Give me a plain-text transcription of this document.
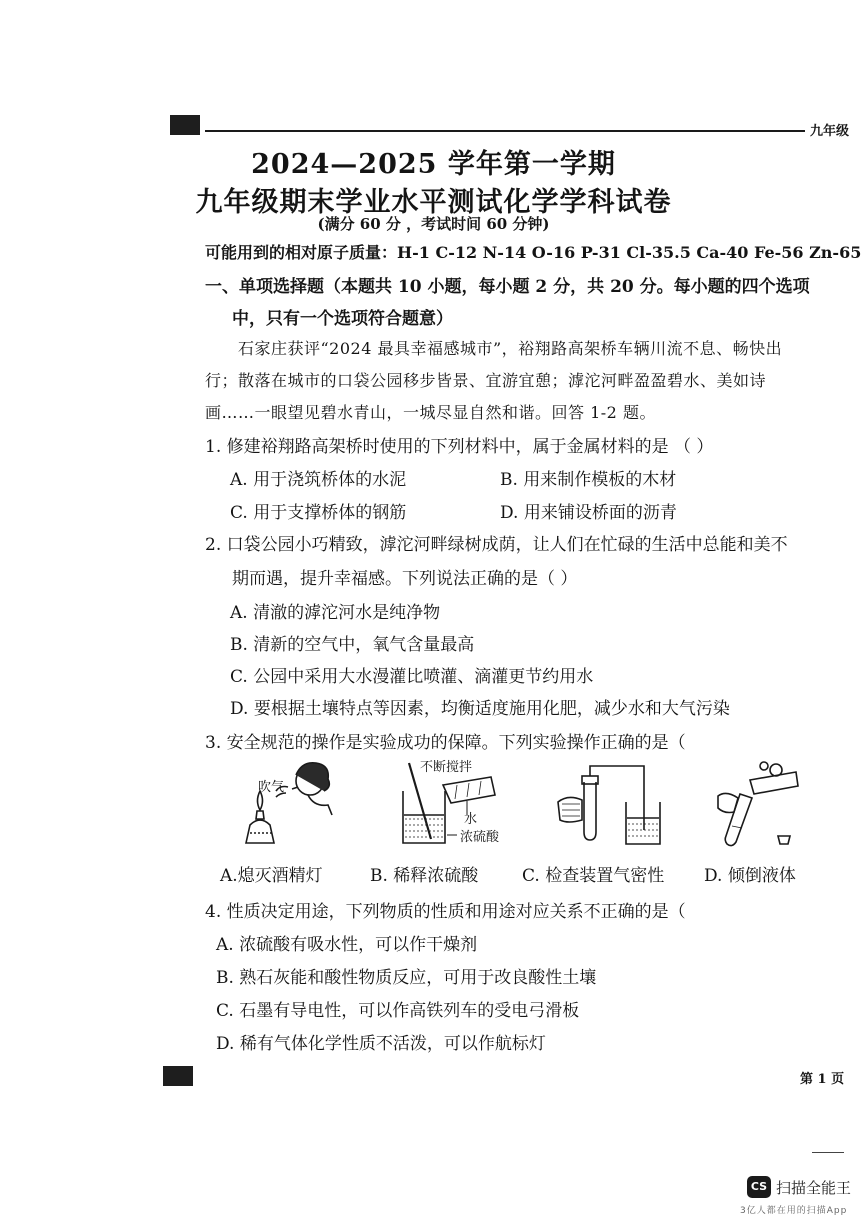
九年级
2024—2025 学年第一学期
九年级期末学业水平测试化学学科试卷
(满分 60 分 ，考试时间 60 分钟)
可能用到的相对原子质量：H-1 C-12 N-14 O-16 P-31 Cl-35.5 Ca-40 Fe-56 Zn-65
一、单项选择题（本题共 10 小题，每小题 2 分，共 20 分。每小题的四个选项
中，只有一个选项符合题意）
石家庄获评“2024 最具幸福感城市”，裕翔路高架桥车辆川流不息、畅快出
行；散落在城市的口袋公园移步皆景、宜游宜憩；滹沱河畔盈盈碧水、美如诗
画……一眼望见碧水青山，一城尽显自然和谐。回答 1-2 题。
1. 修建裕翔路高架桥时使用的下列材料中，属于金属材料的是 （ ）
A. 用于浇筑桥体的水泥	B. 用来制作模板的木材
C. 用于支撑桥体的钢筋	D. 用来铺设桥面的沥青
2. 口袋公园小巧精致，滹沱河畔绿树成荫，让人们在忙碌的生活中总能和美不
期而遇，提升幸福感。下列说法正确的是（ ）
A. 清澈的滹沱河水是纯净物
B. 清新的空气中，氧气含量最高
C. 公园中采用大水漫灌比喷灌、滴灌更节约用水
D. 要根据土壤特点等因素，均衡适度施用化肥，减少水和大气污染
3. 安全规范的操作是实验成功的保障。下列实验操作正确的是（
吹气
不断搅拌
水
浓硫酸
A.熄灭酒精灯	B. 稀释浓硫酸	C. 检查装置气密性 D. 倾倒液体
4. 性质决定用途，下列物质的性质和用途对应关系不正确的是（
A. 浓硫酸有吸水性，可以作干燥剂
B. 熟石灰能和酸性物质反应，可用于改良酸性土壤
C. 石墨有导电性，可以作高铁列车的受电弓滑板
D. 稀有气体化学性质不活泼，可以作航标灯
第 1 页
CS 扫描全能王
3亿人都在用的扫描App
